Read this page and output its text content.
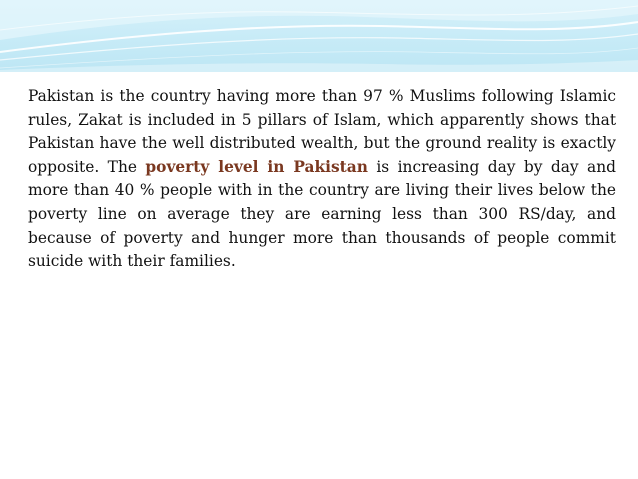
Pakistan is the country having more than 97 % Muslims following Islamic rules, Zakat is included in 5 pillars of Islam, which apparently shows that Pakistan have the well distributed wealth, but the ground reality is exactly opposite. The poverty level in Pakistan is increasing day by day and more than 40 % people with in the country are living their lives below the poverty line on average they are earning less than 300 RS/day, and because of poverty and hunger more than thousands of people commit suicide with their families.
